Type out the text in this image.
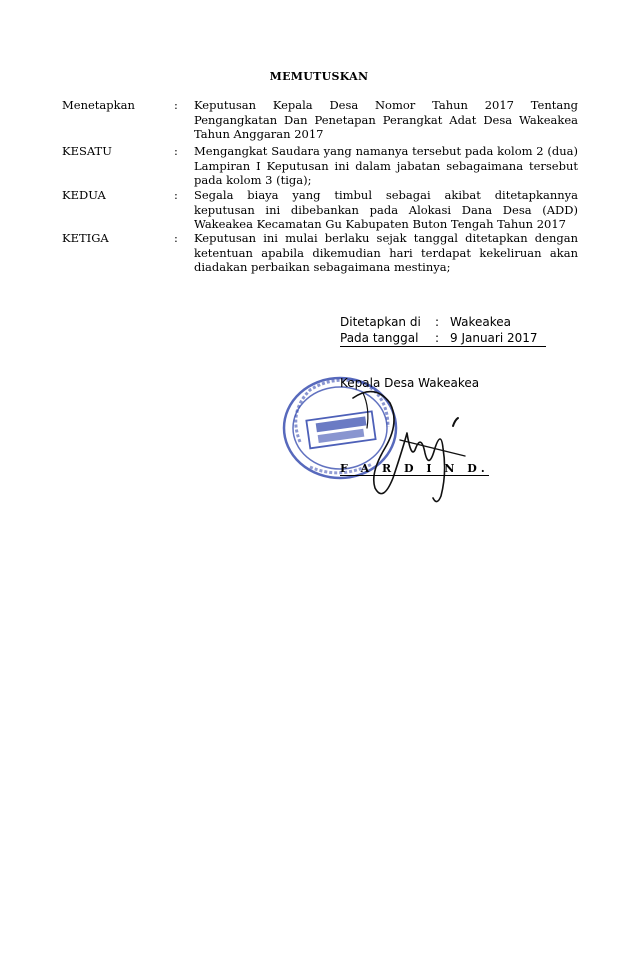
MEMUTUSKAN
Menetapkan	: Keputusan Kepala Desa Nomor Tahun 2017 Tentang Pengangkatan Dan Penetapan Perangkat Adat Desa Wakeakea Tahun Anggaran 2017
KESATU	: Mengangkat Saudara yang namanya tersebut pada kolom 2 (dua) Lampiran I Keputusan ini dalam jabatan sebagaimana tersebut pada kolom 3 (tiga);
KEDUA	: Segala biaya yang timbul sebagai akibat ditetapkannya keputusan ini dibebankan pada Alokasi Dana Desa (ADD) Wakeakea Kecamatan Gu Kabupaten Buton Tengah Tahun 2017
KETIGA	: Keputusan ini mulai berlaku sejak tanggal ditetapkan dengan ketentuan apabila dikemudian hari terdapat kekeliruan akan diadakan perbaikan sebagaimana mestinya;
Ditetapkan di : Wakeakea
Pada tanggal : 9 Januari 2017
Kepala Desa Wakeakea
F A R D I N D.
